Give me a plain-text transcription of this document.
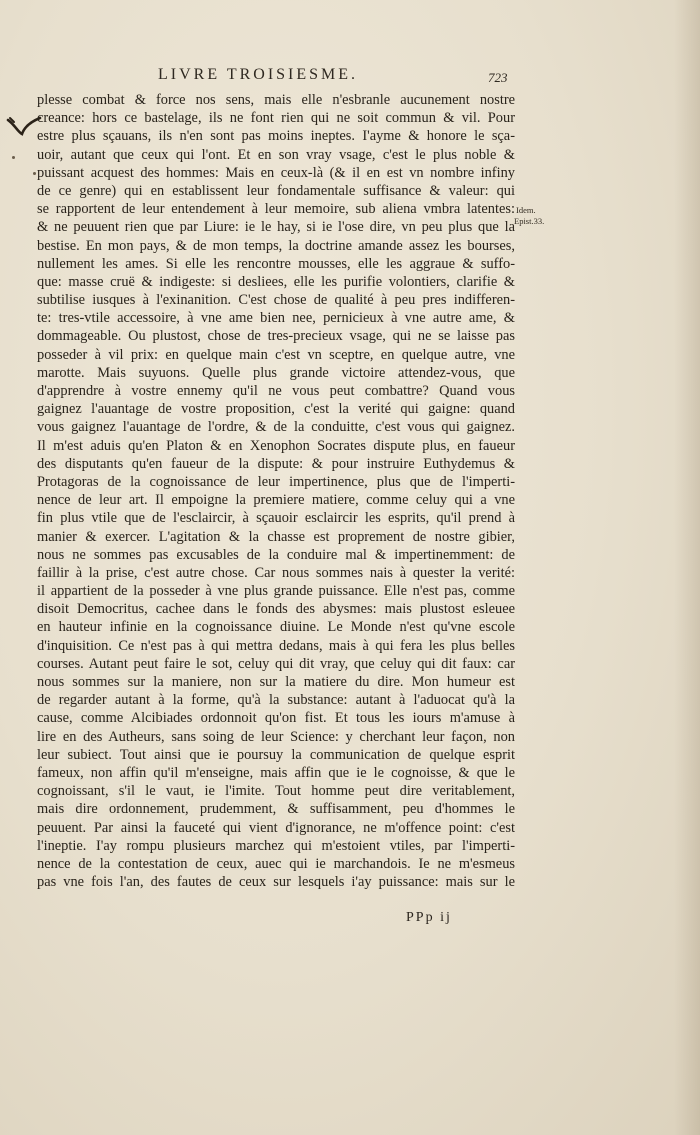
LIVRE TROISIESME.	723
Idem.
Epist.33.
plesse combat & force nos sens, mais elle n'esbranle aucunement nostre
creance: hors ce bastelage, ils ne font rien qui ne soit commun & vil. Pour
estre plus sçauans, ils n'en sont pas moins ineptes. I'ayme & honore le sça-
uoir, autant que ceux qui l'ont. Et en son vray vsage, c'est le plus noble &
puissant acquest des hommes: Mais en ceux-là (& il en est vn nombre infiny
de ce genre) qui en establissent leur fondamentale suffisance & valeur: qui
se rapportent de leur entendement à leur memoire, sub aliena vmbra latentes:
& ne peuuent rien que par Liure: ie le hay, si ie l'ose dire, vn peu plus que la
bestise. En mon pays, & de mon temps, la doctrine amande assez les bourses,
nullement les ames. Si elle les rencontre mousses, elle les aggraue & suffo-
que: masse cruë & indigeste: si desliees, elle les purifie volontiers, clarifie &
subtilise iusques à l'exinanition. C'est chose de qualité à peu pres indifferen-
te: tres-vtile accessoire, à vne ame bien nee, pernicieux à vne autre ame, &
dommageable. Ou plustost, chose de tres-precieux vsage, qui ne se laisse pas
posseder à vil prix: en quelque main c'est vn sceptre, en quelque autre, vne
marotte. Mais suyuons. Quelle plus grande victoire attendez-vous, que
d'apprendre à vostre ennemy qu'il ne vous peut combattre? Quand vous
gaignez l'auantage de vostre proposition, c'est la verité qui gaigne: quand
vous gaignez l'auantage de l'ordre, & de la conduitte, c'est vous qui gaignez.
Il m'est aduis qu'en Platon & en Xenophon Socrates dispute plus, en faueur
des disputants qu'en faueur de la dispute: & pour instruire Euthydemus &
Protagoras de la cognoissance de leur impertinence, plus que de l'imperti-
nence de leur art. Il empoigne la premiere matiere, comme celuy qui a vne
fin plus vtile que de l'esclaircir, à sçauoir esclaircir les esprits, qu'il prend à
manier & exercer. L'agitation & la chasse est proprement de nostre gibier,
nous ne sommes pas excusables de la conduire mal & impertinemment: de
faillir à la prise, c'est autre chose. Car nous sommes nais à quester la verité:
il appartient de la posseder à vne plus grande puissance. Elle n'est pas, comme
disoit Democritus, cachee dans le fonds des abysmes: mais plustost esleuee
en hauteur infinie en la cognoissance diuine. Le Monde n'est qu'vne escole
d'inquisition. Ce n'est pas à qui mettra dedans, mais à qui fera les plus belles
courses. Autant peut faire le sot, celuy qui dit vray, que celuy qui dit faux: car
nous sommes sur la maniere, non sur la matiere du dire. Mon humeur est
de regarder autant à la forme, qu'à la substance: autant à l'aduocat qu'à la
cause, comme Alcibiades ordonnoit qu'on fist. Et tous les iours m'amuse à
lire en des Autheurs, sans soing de leur Science: y cherchant leur façon, non
leur subiect. Tout ainsi que ie poursuy la communication de quelque esprit
fameux, non affin qu'il m'enseigne, mais affin que ie le cognoisse, & que le
cognoissant, s'il le vaut, ie l'imite. Tout homme peut dire veritablement,
mais dire ordonnement, prudemment, & suffisamment, peu d'hommes le
peuuent. Par ainsi la fauceté qui vient d'ignorance, ne m'offence point: c'est
l'ineptie. I'ay rompu plusieurs marchez qui m'estoient vtiles, par l'imperti-
nence de la contestation de ceux, auec qui ie marchandois. Ie ne m'esmeus
pas vne fois l'an, des fautes de ceux sur lesquels i'ay puissance: mais sur le
PPp ij
